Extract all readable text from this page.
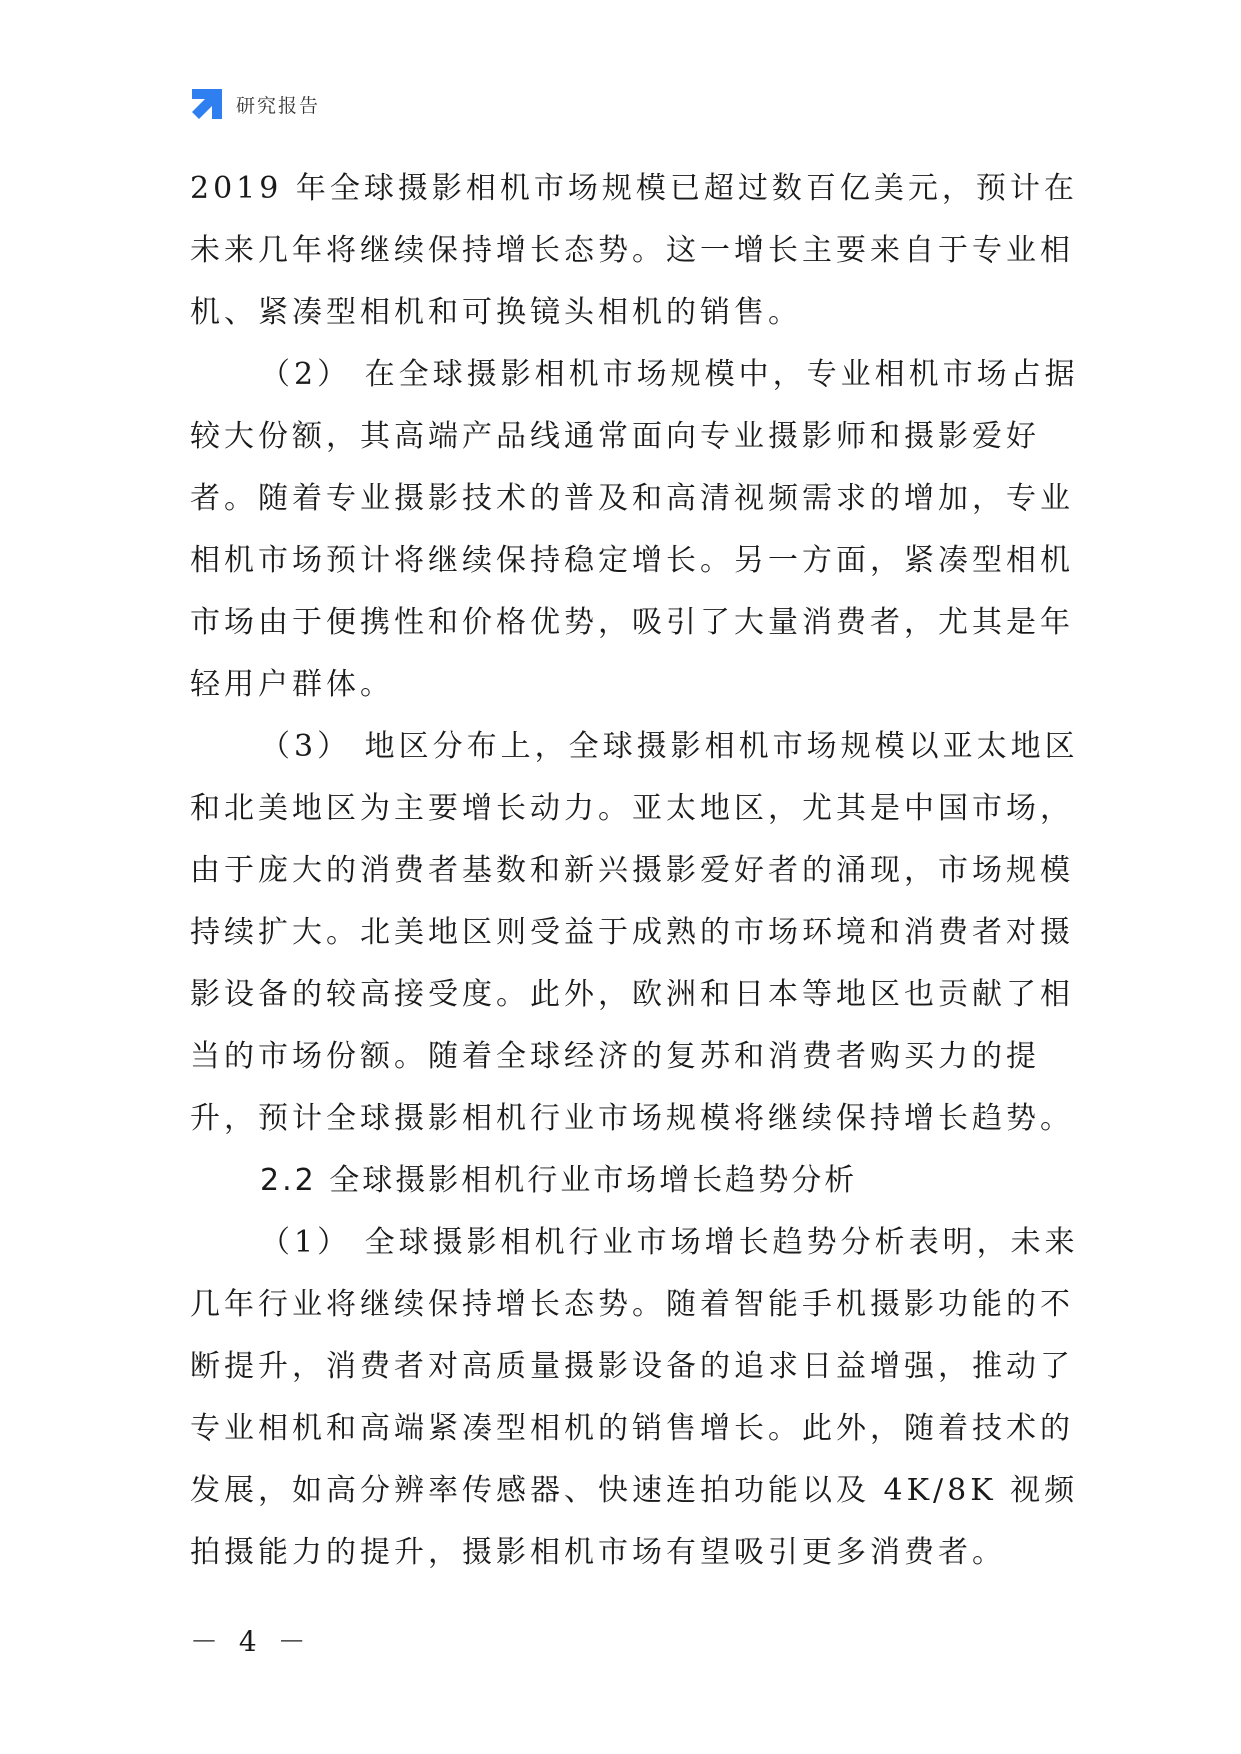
研究报告

2019 年全球摄影相机市场规模已超过数百亿美元，预计在未来几年将继续保持增长态势。这一增长主要来自于专业相机、紧凑型相机和可换镜头相机的销售。

（2） 在全球摄影相机市场规模中，专业相机市场占据较大份额，其高端产品线通常面向专业摄影师和摄影爱好者。随着专业摄影技术的普及和高清视频需求的增加，专业相机市场预计将继续保持稳定增长。另一方面，紧凑型相机市场由于便携性和价格优势，吸引了大量消费者，尤其是年轻用户群体。

（3） 地区分布上，全球摄影相机市场规模以亚太地区和北美地区为主要增长动力。亚太地区，尤其是中国市场，由于庞大的消费者基数和新兴摄影爱好者的涌现，市场规模持续扩大。北美地区则受益于成熟的市场环境和消费者对摄影设备的较高接受度。此外，欧洲和日本等地区也贡献了相当的市场份额。随着全球经济的复苏和消费者购买力的提升，预计全球摄影相机行业市场规模将继续保持增长趋势。

2.2 全球摄影相机行业市场增长趋势分析

（1） 全球摄影相机行业市场增长趋势分析表明，未来几年行业将继续保持增长态势。随着智能手机摄影功能的不断提升，消费者对高质量摄影设备的追求日益增强，推动了专业相机和高端紧凑型相机的销售增长。此外，随着技术的发展，如高分辨率传感器、快速连拍功能以及 4K/8K 视频拍摄能力的提升，摄影相机市场有望吸引更多消费者。

－ 4 －
